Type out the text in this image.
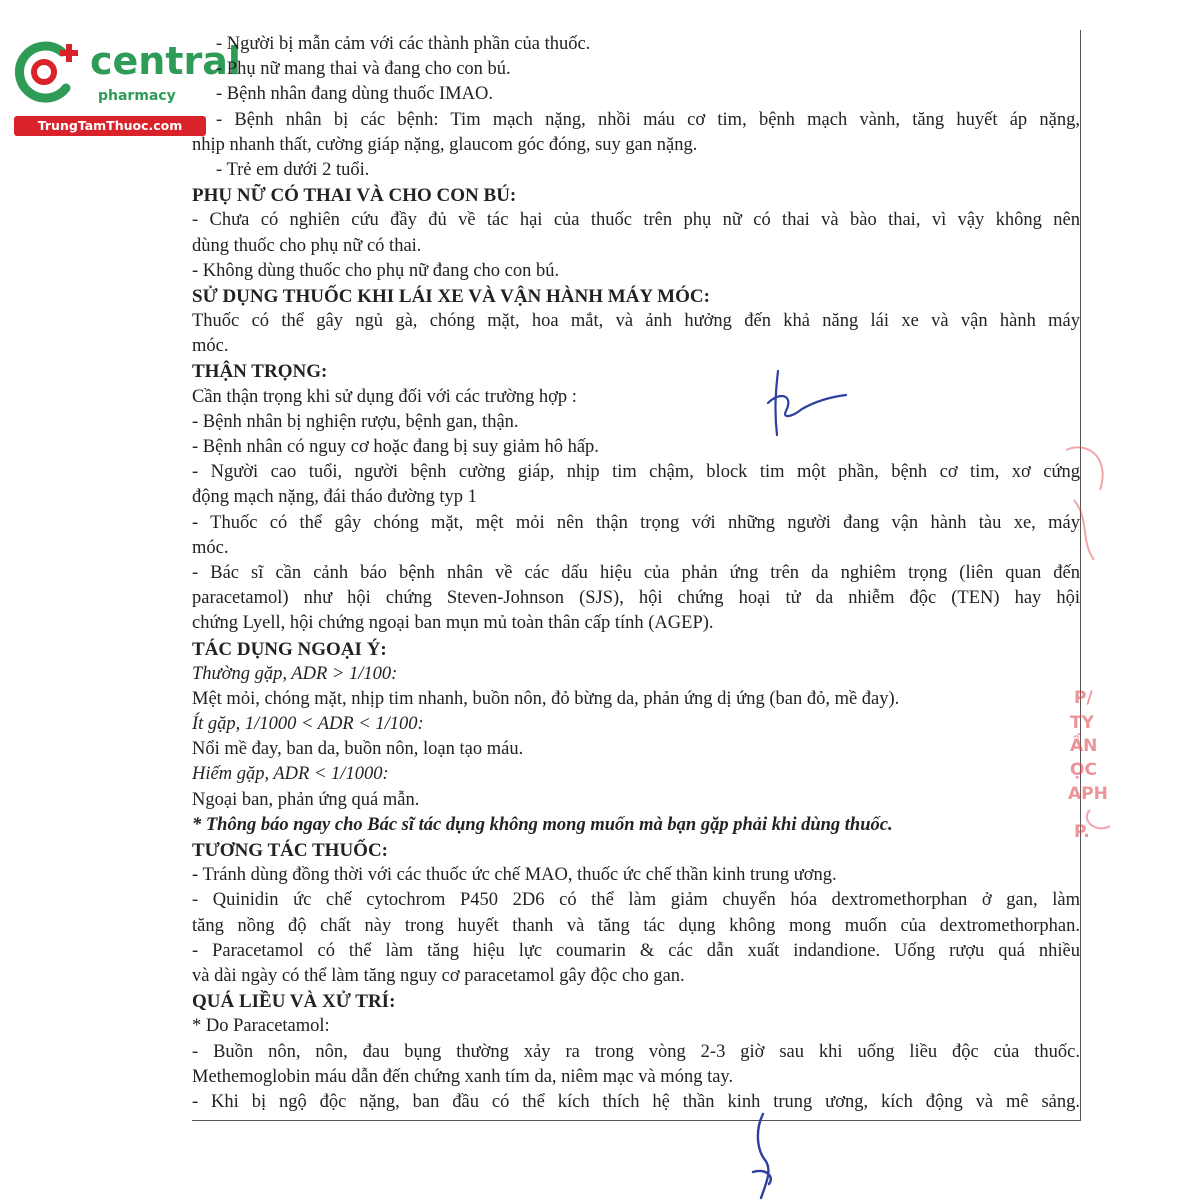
central
pharmacy
TrungTamThuoc.com
- Người bị mẫn cảm với các thành phần của thuốc.
- Phụ nữ mang thai và đang cho con bú.
- Bệnh nhân đang dùng thuốc IMAO.
- Bệnh nhân bị các bệnh: Tim mạch nặng, nhồi máu cơ tim, bệnh mạch vành, tăng huyết áp nặng,
nhịp nhanh thất, cường giáp nặng, glaucom góc đóng, suy gan nặng.
- Trẻ em dưới 2 tuổi.
PHỤ NỮ CÓ THAI VÀ CHO CON BÚ:
- Chưa có nghiên cứu đầy đủ về tác hại của thuốc trên phụ nữ có thai và bào thai, vì vậy không nên
dùng thuốc cho phụ nữ có thai.
- Không dùng thuốc cho phụ nữ đang cho con bú.
SỬ DỤNG THUỐC KHI LÁI XE VÀ VẬN HÀNH MÁY MÓC:
Thuốc có thể gây ngủ gà, chóng mặt, hoa mắt, và ảnh hưởng đến khả năng lái xe và vận hành máy
móc.
THẬN TRỌNG:
Cần thận trọng khi sử dụng đối với các trường hợp :
- Bệnh nhân bị nghiện rượu, bệnh gan, thận.
- Bệnh nhân có nguy cơ hoặc đang bị suy giảm hô hấp.
- Người cao tuổi, người bệnh cường giáp, nhịp tim chậm, block tim một phần, bệnh cơ tim, xơ cứng
động mạch nặng, đái tháo đường typ 1
- Thuốc có thể gây chóng mặt, mệt mỏi nên thận trọng với những người đang vận hành tàu xe, máy
móc.
- Bác sĩ cần cảnh báo bệnh nhân về các dấu hiệu của phản ứng trên da nghiêm trọng (liên quan đến
paracetamol) như hội chứng Steven-Johnson (SJS), hội chứng hoại tử da nhiễm độc (TEN) hay hội
chứng Lyell, hội chứng ngoại ban mụn mủ toàn thân cấp tính (AGEP).
TÁC DỤNG NGOẠI Ý:
Thường gặp, ADR > 1/100:
Mệt mỏi, chóng mặt, nhịp tim nhanh, buồn nôn, đỏ bừng da, phản ứng dị ứng (ban đỏ, mề đay).
Ít gặp, 1/1000 < ADR < 1/100:
Nổi mề đay, ban da, buồn nôn, loạn tạo máu.
Hiếm gặp, ADR < 1/1000:
Ngoại ban, phản ứng quá mẫn.
* Thông báo ngay cho Bác sĩ tác dụng không mong muốn mà bạn gặp phải khi dùng thuốc.
TƯƠNG TÁC THUỐC:
- Tránh dùng đồng thời với các thuốc ức chế MAO, thuốc ức chế thần kinh trung ương.
- Quinidin ức chế cytochrom P450 2D6 có thể làm giảm chuyển hóa dextromethorphan ở gan, làm
tăng nồng độ chất này trong huyết thanh và tăng tác dụng không mong muốn của dextromethorphan.
- Paracetamol có thể làm tăng hiệu lực coumarin & các dẫn xuất indandione. Uống rượu quá nhiều
và dài ngày có thể làm tăng nguy cơ paracetamol gây độc cho gan.
QUÁ LIỀU VÀ XỬ TRÍ:
* Do Paracetamol:
- Buồn nôn, nôn, đau bụng thường xảy ra trong vòng 2-3 giờ sau khi uống liều độc của thuốc.
Methemoglobin máu dẫn đến chứng xanh tím da, niêm mạc và móng tay.
- Khi bị ngộ độc nặng, ban đầu có thể kích thích hệ thần kinh trung ương, kích động và mê sảng.
P/
TY
ẦN
ỌC
APH
P.
